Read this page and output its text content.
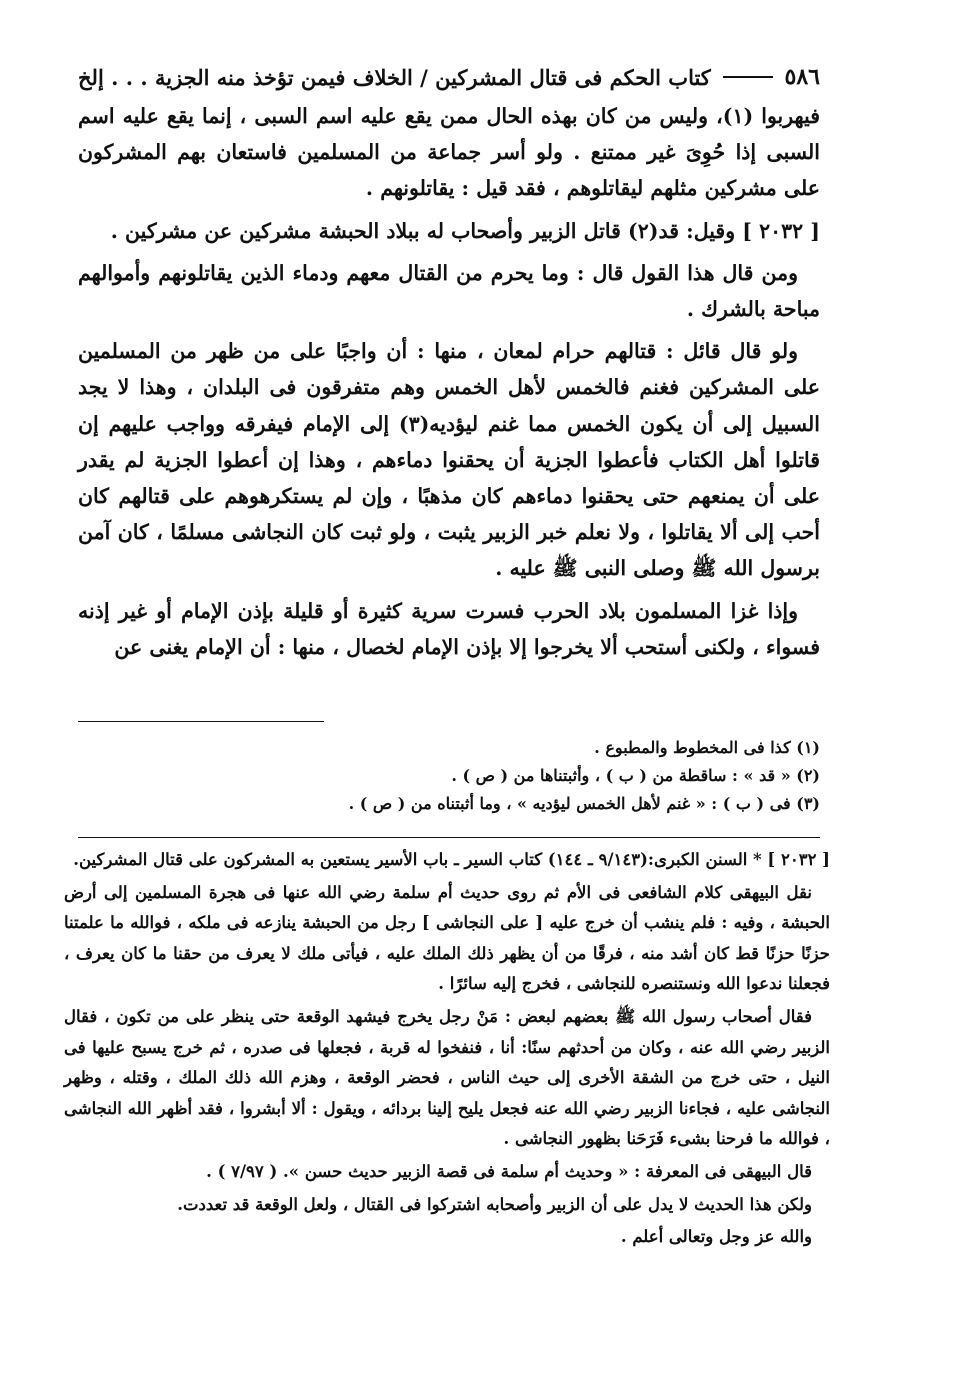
٥٨٦
كتاب الحكم فى قتال المشركين / الخلاف فيمن تؤخذ منه الجزية . . . إلخ

فيهربوا (١)، وليس من كان بهذه الحال ممن يقع عليه اسم السبى ، إنما يقع عليه اسم السبى إذا حُوِىَ غير ممتنع . ولو أسر جماعة من المسلمين فاستعان بهم المشركون على مشركين مثلهم ليقاتلوهم ، فقد قيل : يقاتلونهم .

[ ٢٠٣٢ ] وقيل: قد(٢) قاتل الزبير وأصحاب له ببلاد الحبشة مشركين عن مشركين .

ومن قال هذا القول قال : وما يحرم من القتال معهم ودماء الذين يقاتلونهم وأموالهم مباحة بالشرك .

ولو قال قائل : قتالهم حرام لمعان ، منها : أن واجبًا على من ظهر من المسلمين على المشركين فغنم فالخمس لأهل الخمس وهم متفرقون فى البلدان ، وهذا لا يجد السبيل إلى أن يكون الخمس مما غنم ليؤديه(٣) إلى الإمام فيفرقه وواجب عليهم إن قاتلوا أهل الكتاب فأعطوا الجزية أن يحقنوا دماءهم ، وهذا إن أعطوا الجزية لم يقدر على أن يمنعهم حتى يحقنوا دماءهم كان مذهبًا ، وإن لم يستكرهوهم على قتالهم كان أحب إلى ألا يقاتلوا ، ولا نعلم خبر الزبير يثبت ، ولو ثبت كان النجاشى مسلمًا ، كان آمن برسول الله ﷺ وصلى النبى ﷺ عليه .

وإذا غزا المسلمون بلاد الحرب فسرت سرية كثيرة أو قليلة بإذن الإمام أو غير إذنه فسواء ، ولكنى أستحب ألا يخرجوا إلا بإذن الإمام لخصال ، منها : أن الإمام يغنى عن

(١) كذا فى المخطوط والمطبوع .
(٢) « قد » : ساقطة من ( ب ) ، وأثبتناها من ( ص ) .
(٣) فى ( ب ) : « غنم لأهل الخمس ليؤديه » ، وما أثبتناه من ( ص ) .

[ ٢٠٣٢ ] * السنن الكبرى:(٩/١٤٣ ـ ١٤٤) كتاب السير ـ باب الأسير يستعين به المشركون على قتال المشركين.

نقل البيهقى كلام الشافعى فى الأم ثم روى حديث أم سلمة رضي الله عنها فى هجرة المسلمين إلى أرض الحبشة ، وفيه : فلم ينشب أن خرج عليه [ على النجاشى ] رجل من الحبشة ينازعه فى ملكه ، فوالله ما علمتنا حزنًا حزنًا قط كان أشد منه ، فرقًا من أن يظهر ذلك الملك عليه ، فيأتى ملك لا يعرف من حقنا ما كان يعرف ، فجعلنا ندعوا الله ونستنصره للنجاشى ، فخرج إليه سائرًا .

فقال أصحاب رسول الله ﷺ بعضهم لبعض : مَنْ رجل يخرج فيشهد الوقعة حتى ينظر على من تكون ، فقال الزبير رضي الله عنه ، وكان من أحدثهم سنًا: أنا ، فنفخوا له قربة ، فجعلها فى صدره ، ثم خرج يسبح عليها فى النيل ، حتى خرج من الشقة الأخرى إلى حيث الناس ، فحضر الوقعة ، وهزم الله ذلك الملك ، وقتله ، وظهر النجاشى عليه ، فجاءنا الزبير رضي الله عنه فجعل يليح إلينا بردائه ، ويقول : ألا أبشروا ، فقد أظهر الله النجاشى ، فوالله ما فرحنا بشىء فَرَحَنا بظهور النجاشى .

قال البيهقى فى المعرفة : « وحديث أم سلمة فى قصة الزبير حديث حسن ». ( ٧/٩٧ ) .

ولكن هذا الحديث لا يدل على أن الزبير وأصحابه اشتركوا فى القتال ، ولعل الوقعة قد تعددت.

والله عز وجل وتعالى أعلم .
